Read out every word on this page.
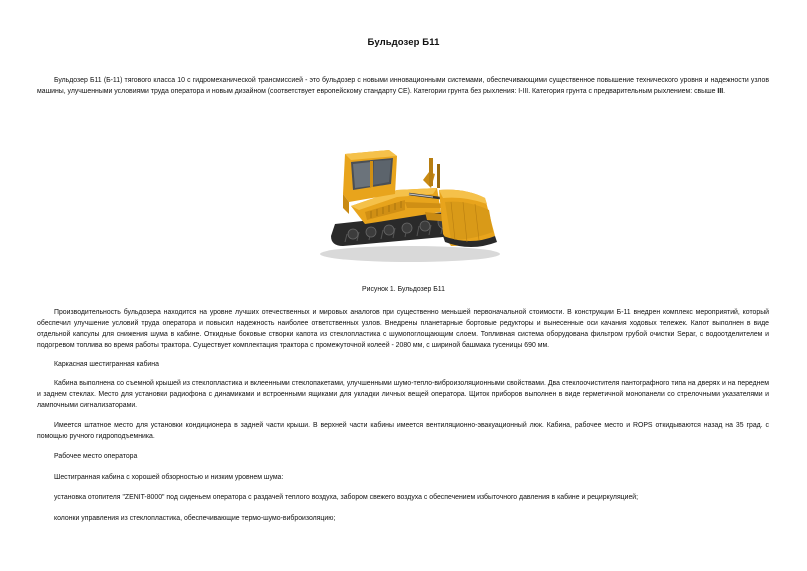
Бульдозер Б11

Бульдозер Б11 (Б-11) тягового класса 10 с гидромеханической трансмиссией - это бульдозер с новыми инновационными системами, обеспечивающими существенное повышение технического уровня и надежности узлов машины, улучшенными условиями труда оператора и новым дизайном (соответствует европейскому стандарту CE). Категории грунта без рыхления: I-III. Категория грунта с предварительным рыхлением: свыше III.

Рисунок 1. Бульдозер Б11

Производительность бульдозера находится на уровне лучших отечественных и мировых аналогов при существенно меньшей первоначальной стоимости. В конструкции Б-11 внедрен комплекс мероприятий, который обеспечил улучшение условий труда оператора и повысил надежность наиболее ответственных узлов. Внедрены планетарные бортовые редукторы и вынесенные оси качания ходовых тележек. Капот выполнен в виде отдельной капсулы для снижения шума в кабине. Откидные боковые створки капота из стеклопластика с шумопоглощающим слоем. Топливная система оборудована фильтром грубой очистки Separ, с водоотделителем и подогревом топлива во время работы трактора. Существует комплектация трактора с промежуточной колеей - 2080 мм, с шириной башмака гусеницы 690 мм.

Каркасная шестигранная кабина

Кабина выполнена со съемной крышей из стеклопластика и вклеенными стеклопакетами, улучшенными шумо-тепло-виброизоляционными свойствами. Два стеклоочистителя пантографного типа на дверях и на переднем и заднем стеклах. Место для установки радиофона с динамиками и встроенными ящиками для укладки личных вещей оператора. Щиток приборов выполнен в виде герметичной монопанели со стрелочными указателями и лампочными сигнализаторами.

Имеется штатное место для установки кондиционера в задней части крыши. В верхней части кабины имеется вентиляционно-эвакуационный люк. Кабина, рабочее место и ROPS откидываются назад на 35 град. с помощью ручного гидроподъемника.

Рабочее место оператора

Шестигранная кабина с хорошей обзорностью и низким уровнем шума:

установка отопителя "ZENIT-8000" под сиденьем оператора с раздачей теплого воздуха, забором свежего воздуха с обеспечением избыточного давления в кабине и рециркуляцией;

колонки управления из стеклопластика, обеспечивающие термо-шумо-виброизоляцию;
